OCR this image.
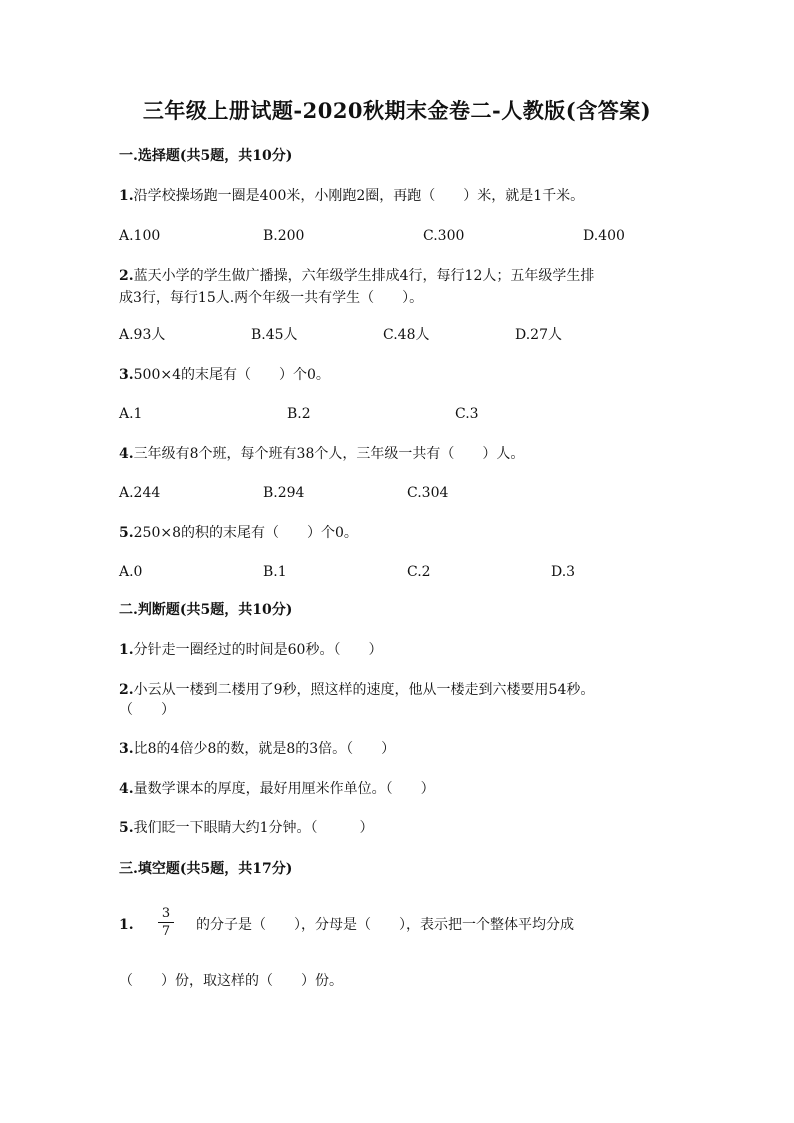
三年级上册试题-2020秋期末金卷二-人教版(含答案)
一.选择题(共5题，共10分)
1.沿学校操场跑一圈是400米，小刚跑2圈，再跑（　　）米，就是1千米。
A.100	B.200	C.300	D.400
2.蓝天小学的学生做广播操，六年级学生排成4行，每行12人；五年级学生排
成3行，每行15人.两个年级一共有学生（　　）。
A.93人	B.45人	C.48人	D.27人
3.500×4的末尾有（　　）个0。
A.1	B.2	C.3
4.三年级有8个班，每个班有38个人，三年级一共有（　　）人。
A.244	B.294	C.304
5.250×8的积的末尾有（　　）个0。
A.0	B.1	C.2	D.3
二.判断题(共5题，共10分)
1.分针走一圈经过的时间是60秒。（　　）
2.小云从一楼到二楼用了9秒，照这样的速度，他从一楼走到六楼要用54秒。
（　　）
3.比8的4倍少8的数，就是8的3倍。（　　）
4.量数学课本的厚度，最好用厘米作单位。（　　）
5.我们眨一下眼睛大约1分钟。（　　　）
三.填空题(共5题，共17分)
1.
3
7 的分子是（　　），分母是（　　），表示把一个整体平均分成
（　　）份，取这样的（　　）份。
